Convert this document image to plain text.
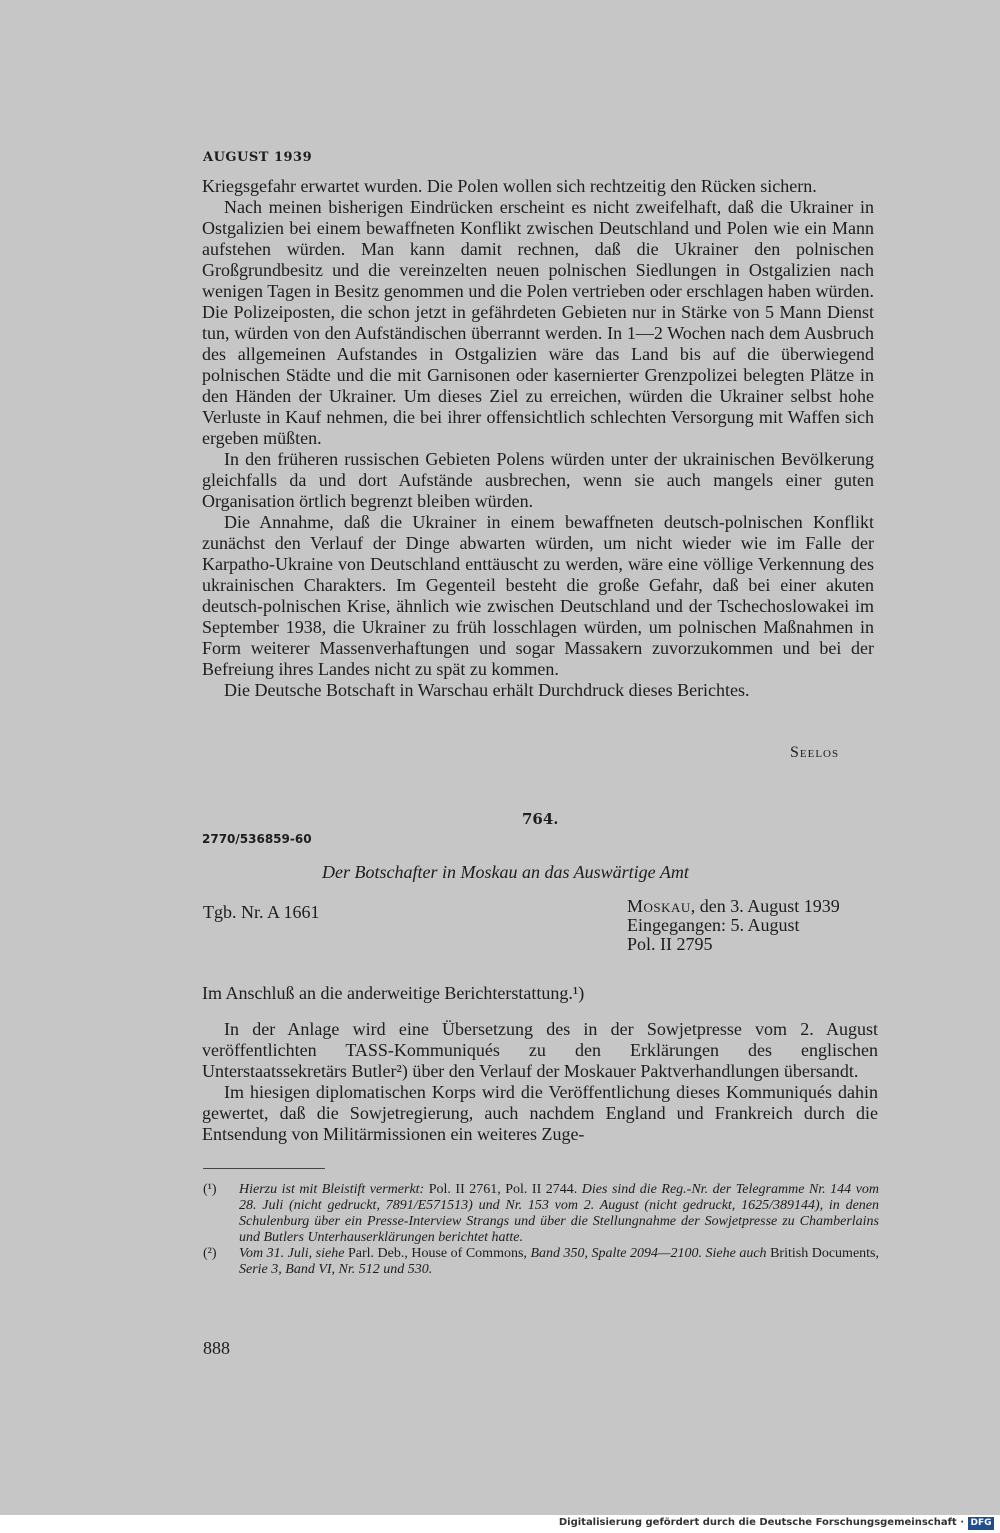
AUGUST 1939

Kriegsgefahr erwartet wurden. Die Polen wollen sich rechtzeitig den Rücken sichern.

Nach meinen bisherigen Eindrücken erscheint es nicht zweifelhaft, daß die Ukrainer in Ostgalizien bei einem bewaffneten Konflikt zwischen Deutschland und Polen wie ein Mann aufstehen würden. Man kann damit rechnen, daß die Ukrainer den polnischen Großgrundbesitz und die vereinzelten neuen polnischen Siedlungen in Ostgalizien nach wenigen Tagen in Besitz genommen und die Polen vertrieben oder erschlagen haben würden. Die Polizeiposten, die schon jetzt in gefährdeten Gebieten nur in Stärke von 5 Mann Dienst tun, würden von den Aufständischen überrannt werden. In 1—2 Wochen nach dem Ausbruch des allgemeinen Aufstandes in Ostgalizien wäre das Land bis auf die überwiegend polnischen Städte und die mit Garnisonen oder kasernierter Grenzpolizei belegten Plätze in den Händen der Ukrainer. Um dieses Ziel zu erreichen, würden die Ukrainer selbst hohe Verluste in Kauf nehmen, die bei ihrer offensichtlich schlechten Versorgung mit Waffen sich ergeben müßten.

In den früheren russischen Gebieten Polens würden unter der ukrainischen Bevölkerung gleichfalls da und dort Aufstände ausbrechen, wenn sie auch mangels einer guten Organisation örtlich begrenzt bleiben würden.

Die Annahme, daß die Ukrainer in einem bewaffneten deutsch-polnischen Konflikt zunächst den Verlauf der Dinge abwarten würden, um nicht wieder wie im Falle der Karpatho-Ukraine von Deutschland enttäuscht zu werden, wäre eine völlige Verkennung des ukrainischen Charakters. Im Gegenteil besteht die große Gefahr, daß bei einer akuten deutsch-polnischen Krise, ähnlich wie zwischen Deutschland und der Tschechoslowakei im September 1938, die Ukrainer zu früh losschlagen würden, um polnischen Maßnahmen in Form weiterer Massenverhaftungen und sogar Massakern zuvorzukommen und bei der Befreiung ihres Landes nicht zu spät zu kommen.

Die Deutsche Botschaft in Warschau erhält Durchdruck dieses Berichtes.

Seelos
764.
2770/536859-60
Der Botschafter in Moskau an das Auswärtige Amt
Tgb. Nr. A 1661	Moskau, den 3. August 1939
Eingegangen: 5. August
Pol. II 2795

Im Anschluß an die anderweitige Berichterstattung.¹)

In der Anlage wird eine Übersetzung des in der Sowjetpresse vom 2. August veröffentlichten TASS-Kommuniqués zu den Erklärungen des englischen Unterstaatssekretärs Butler²) über den Verlauf der Moskauer Paktverhandlungen übersandt.

Im hiesigen diplomatischen Korps wird die Veröffentlichung dieses Kommuniqués dahin gewertet, daß die Sowjetregierung, auch nachdem England und Frankreich durch die Entsendung von Militärmissionen ein weiteres Zuge-

(¹) Hierzu ist mit Bleistift vermerkt: Pol. II 2761, Pol. II 2744. Dies sind die Reg.-Nr. der Telegramme Nr. 144 vom 28. Juli (nicht gedruckt, 7891/E571513) und Nr. 153 vom 2. August (nicht gedruckt, 1625/389144), in denen Schulenburg über ein Presse-Interview Strangs und über die Stellungnahme der Sowjetpresse zu Chamberlains und Butlers Unterhauserklärungen berichtet hatte.
(²) Vom 31. Juli, siehe Parl. Deb., House of Commons, Band 350, Spalte 2094—2100. Siehe auch British Documents, Serie 3, Band VI, Nr. 512 und 530.
888
Digitalisierung gefördert durch die Deutsche Forschungsgemeinschaft · DFG
